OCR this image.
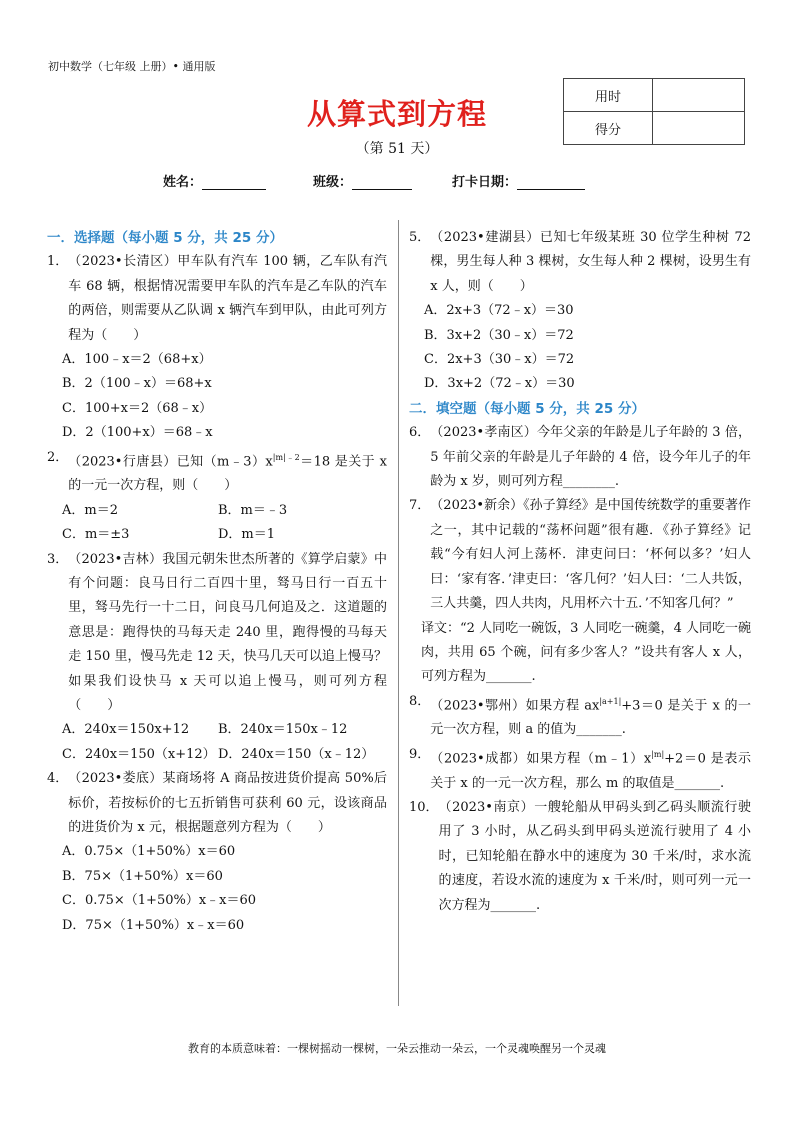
初中数学（七年级 上册）• 通用版
从算式到方程
（第 51 天）
用时	
得分	
姓名：	班级：	打卡日期：
一．选择题（每小题 5 分，共 25 分）
1． （2023•长清区）甲车队有汽车 100 辆，乙车队有汽车 68 辆，根据情况需要甲车队的汽车是乙车队的汽车的两倍，则需要从乙队调 x 辆汽车到甲队，由此可列方程为（　　）
A．100﹣x＝2（68+x）
B．2（100﹣x）＝68+x
C．100+x＝2（68﹣x）
D．2（100+x）＝68﹣x
2． （2023•行唐县）已知$(m﹣3)x^{|m|﹣2}=18$ 是关于 x 的一元一次方程，则（　　）
A．m＝2	B．m＝﹣3
C．m＝±3	D．m＝1
3． （2023•吉林）我国元朝朱世杰所著的《算学启蒙》中有个问题：良马日行二百四十里，驽马日行一百五十里，驽马先行一十二日，问良马几何追及之．这道题的意思是：跑得快的马每天走 240 里，跑得慢的马每天走 150 里，慢马先走 12 天，快马几天可以追上慢马？如果我们设快马 x 天可以追上慢马，则可列方程（　　）
A．240x＝150x+12	B．240x＝150x﹣12
C．240x＝150（x+12） D．240x＝150（x﹣12）
4． （2023•娄底）某商场将 A 商品按进货价提高 50%后标价，若按标价的七五折销售可获利 60 元，设该商品的进货价为 x 元，根据题意列方程为（　　）
A．0.75×（1+50%）x＝60
B．75×（1+50%）x＝60
C．0.75×（1+50%）x﹣x＝60
D．75×（1+50%）x﹣x＝60
5． （2023•建湖县）已知七年级某班 30 位学生种树 72 棵，男生每人种 3 棵树，女生每人种 2 棵树，设男生有 x 人，则（　　）
A．2x+3（72﹣x）＝30
B．3x+2（30﹣x）＝72
C．2x+3（30﹣x）＝72
D．3x+2（72﹣x）＝30
二．填空题（每小题 5 分，共 25 分）
6． （2023•孝南区）今年父亲的年龄是儿子年龄的 3 倍，5 年前父亲的年龄是儿子年龄的 4 倍，设今年儿子的年龄为 x 岁，则可列方程________.
7． （2023•新余）《孙子算经》是中国传统数学的重要著作之一，其中记载的“荡杯问题”很有趣．《孙子算经》记载“今有妇人河上荡杯．津吏问曰：‘杯何以多？’妇人曰：‘家有客．’津吏曰：‘客几何？’妇人曰：‘二人共饭，三人共羹，四人共肉，凡用杯六十五．’不知客几何？”
译文：“2 人同吃一碗饭，3 人同吃一碗羹，4 人同吃一碗肉，共用 65 个碗，问有多少客人？”设共有客人 x 人，可列方程为_______.
8． （2023•鄂州）如果方程 $ax^{|a+1|}+3=0$ 是关于 x 的一元一次方程，则 a 的值为_______.
9． （2023•成都）如果方程$(m﹣1)x^{|m|}+2=0$ 是表示关于 x 的一元一次方程，那么 m 的取值是_______.
10． （2023•南京）一艘轮船从甲码头到乙码头顺流行驶用了 3 小时，从乙码头到甲码头逆流行驶用了 4 小时，已知轮船在静水中的速度为 30 千米/时，求水流的速度，若设水流的速度为 x 千米/时，则可列一元一次方程为_______.
教育的本质意味着：一棵树摇动一棵树，一朵云推动一朵云，一个灵魂唤醒另一个灵魂
